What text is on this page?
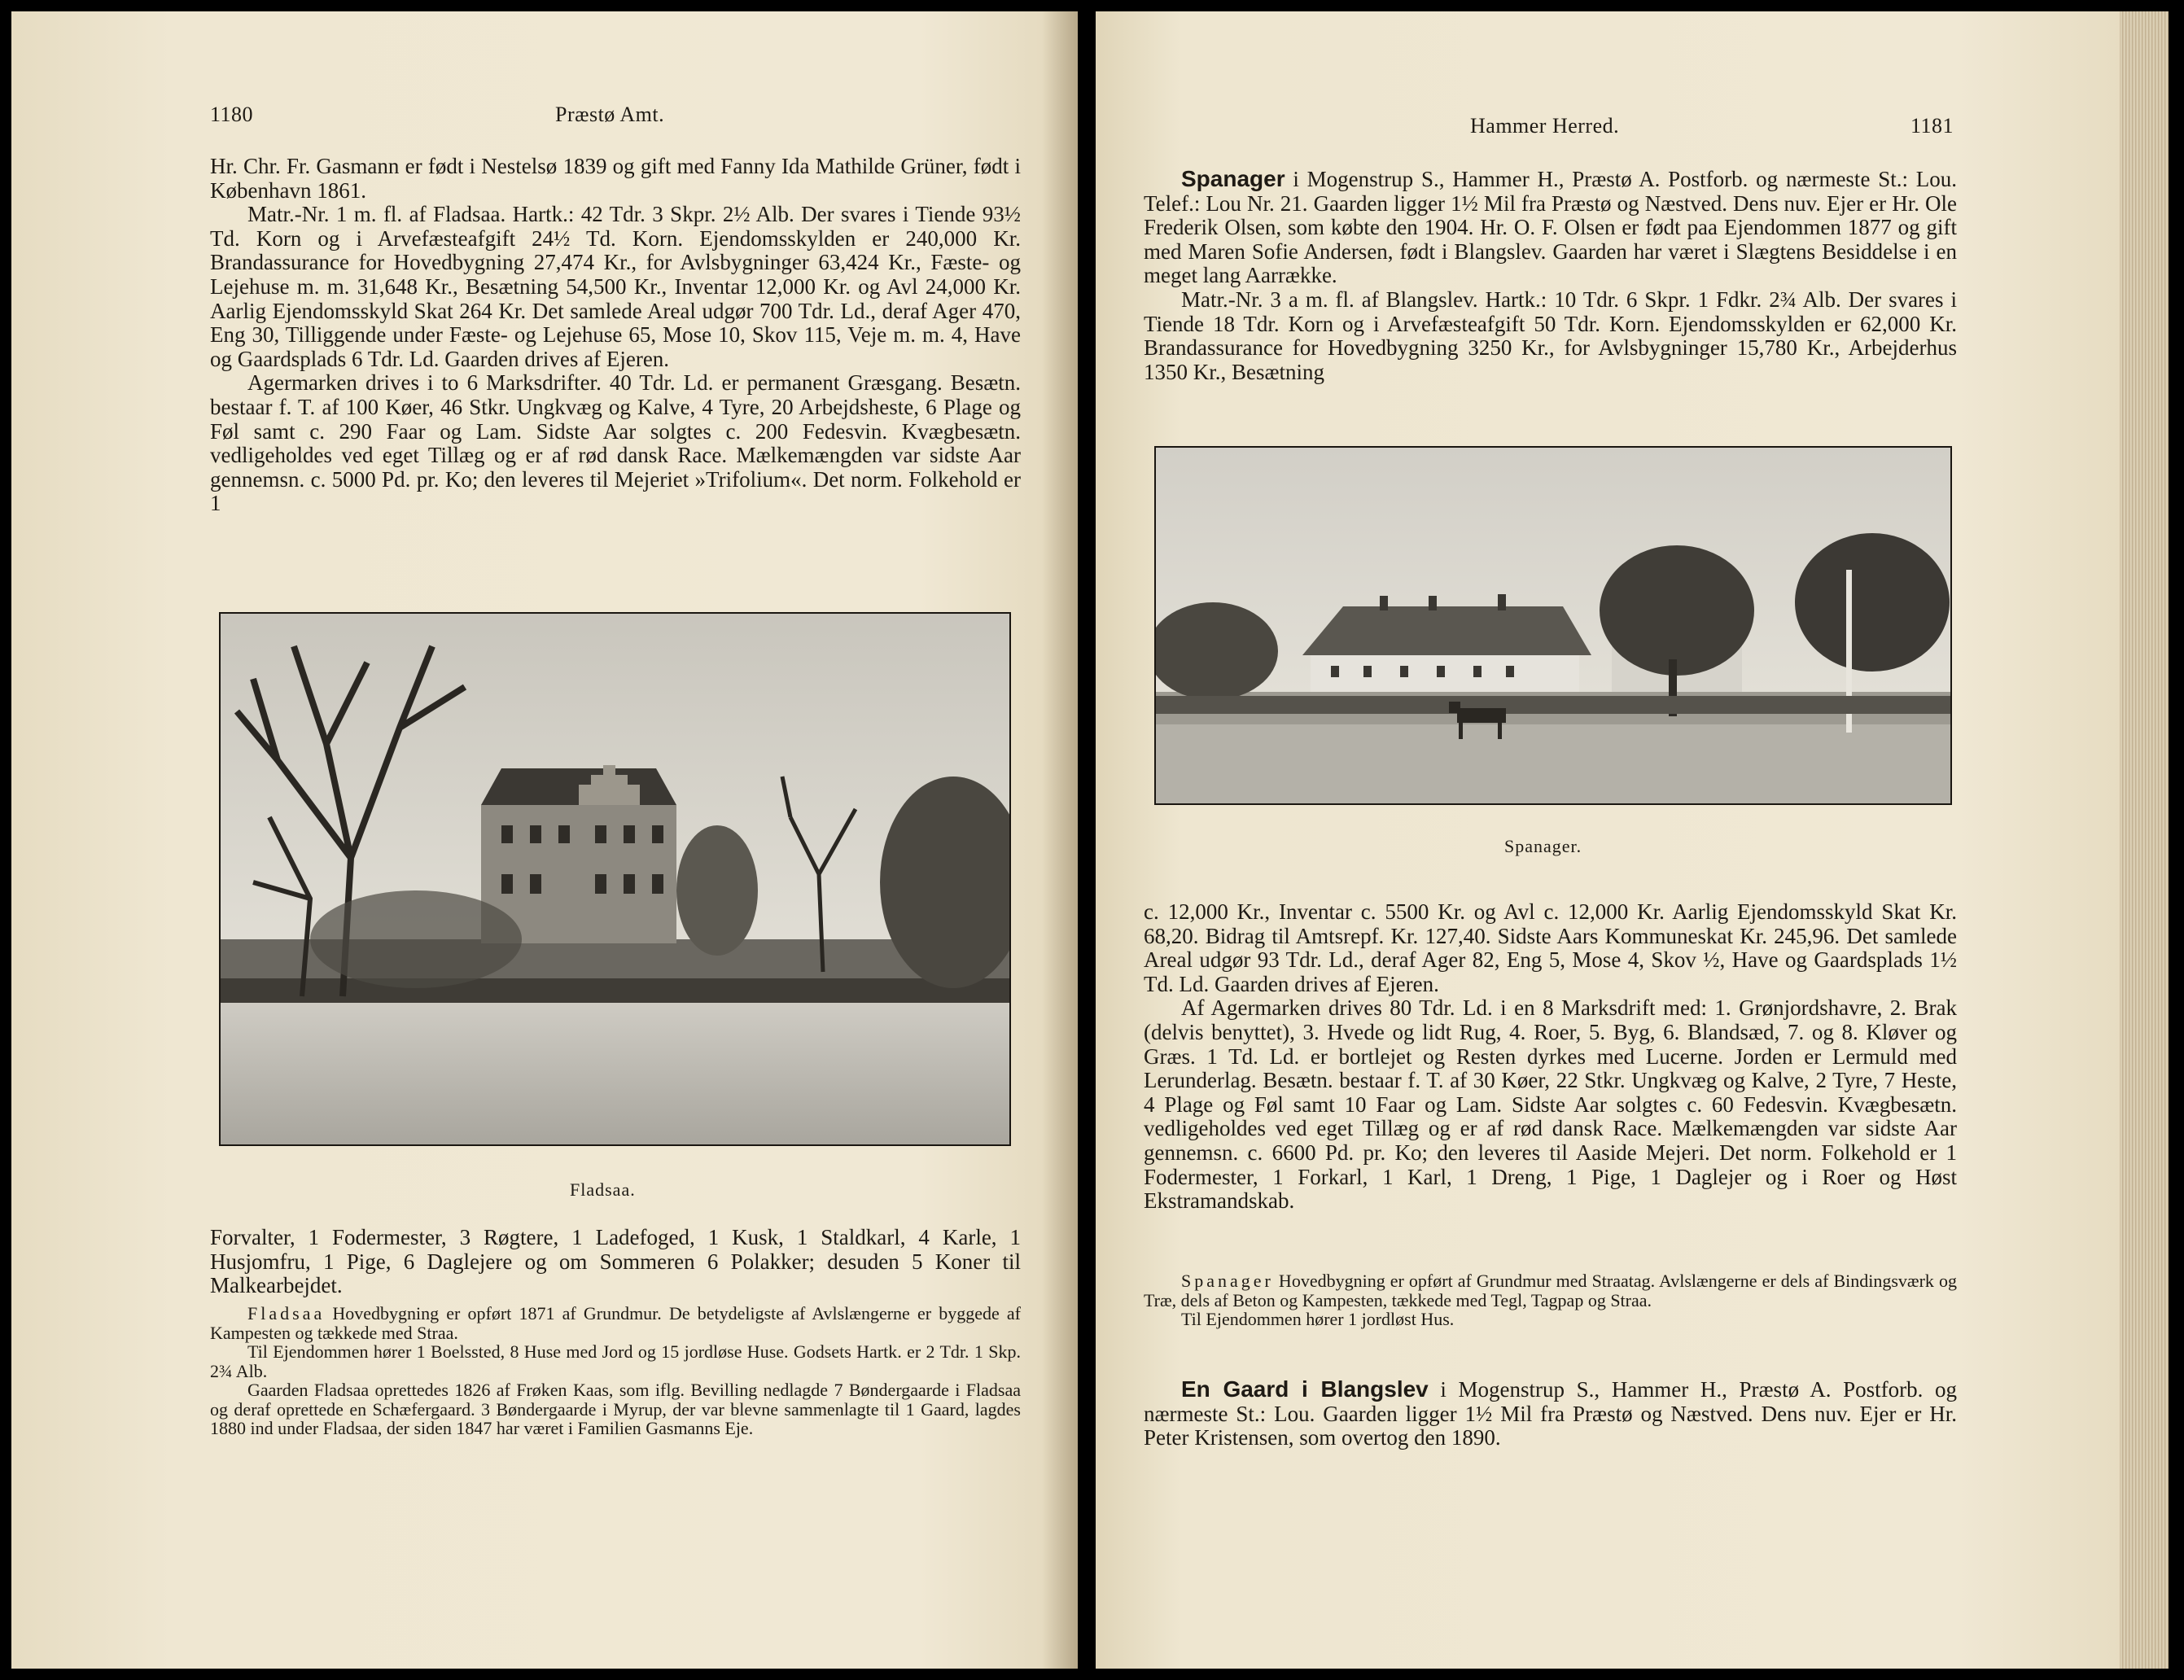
1180	Præstø Amt.

Hr. Chr. Fr. Gasmann er født i Nestelsø 1839 og gift med Fanny Ida Mathilde Grüner, født i København 1861.

Matr.-Nr. 1 m. fl. af Fladsaa. Hartk.: 42 Tdr. 3 Skpr. 2½ Alb. Der svares i Tiende 93½ Td. Korn og i Arvefæsteafgift 24½ Td. Korn. Ejendomsskylden er 240,000 Kr. Brandassurance for Hovedbygning 27,474 Kr., for Avlsbygninger 63,424 Kr., Fæste- og Lejehuse m. m. 31,648 Kr., Besætning 54,500 Kr., Inventar 12,000 Kr. og Avl 24,000 Kr. Aarlig Ejendomsskyld Skat 264 Kr. Det samlede Areal udgør 700 Tdr. Ld., deraf Ager 470, Eng 30, Tilliggende under Fæste- og Lejehuse 65, Mose 10, Skov 115, Veje m. m. 4, Have og Gaardsplads 6 Tdr. Ld. Gaarden drives af Ejeren.

Agermarken drives i to 6 Marksdrifter. 40 Tdr. Ld. er permanent Græsgang. Besætn. bestaar f. T. af 100 Køer, 46 Stkr. Ungkvæg og Kalve, 4 Tyre, 20 Arbejdsheste, 6 Plage og Føl samt c. 290 Faar og Lam. Sidste Aar solgtes c. 200 Fedesvin. Kvægbesætn. vedligeholdes ved eget Tillæg og er af rød dansk Race. Mælkemængden var sidste Aar gennemsn. c. 5000 Pd. pr. Ko; den leveres til Mejeriet »Trifolium«. Det norm. Folkehold er 1

Fladsaa.

Forvalter, 1 Fodermester, 3 Røgtere, 1 Ladefoged, 1 Kusk, 1 Staldkarl, 4 Karle, 1 Husjomfru, 1 Pige, 6 Daglejere og om Sommeren 6 Polakker; desuden 5 Koner til Malkearbejdet.

Fladsaa Hovedbygning er opført 1871 af Grundmur. De betydeligste af Avlslængerne er byggede af Kampesten og tækkede med Straa.

Til Ejendommen hører 1 Boelssted, 8 Huse med Jord og 15 jordløse Huse. Godsets Hartk. er 2 Tdr. 1 Skp. 2¾ Alb.

Gaarden Fladsaa oprettedes 1826 af Frøken Kaas, som iflg. Bevilling nedlagde 7 Bøndergaarde i Fladsaa og deraf oprettede en Schæfergaard. 3 Bøndergaarde i Myrup, der var blevne sammenlagte til 1 Gaard, lagdes 1880 ind under Fladsaa, der siden 1847 har været i Familien Gasmanns Eje.

Hammer Herred.	1181

Spanager i Mogenstrup S., Hammer H., Præstø A. Postforb. og nærmeste St.: Lou. Telef.: Lou Nr. 21. Gaarden ligger 1½ Mil fra Præstø og Næstved. Dens nuv. Ejer er Hr. Ole Frederik Olsen, som købte den 1904. Hr. O. F. Olsen er født paa Ejendommen 1877 og gift med Maren Sofie Andersen, født i Blangslev. Gaarden har været i Slægtens Besiddelse i en meget lang Aarrække.

Matr.-Nr. 3 a m. fl. af Blangslev. Hartk.: 10 Tdr. 6 Skpr. 1 Fdkr. 2¾ Alb. Der svares i Tiende 18 Tdr. Korn og i Arvefæsteafgift 50 Tdr. Korn. Ejendomsskylden er 62,000 Kr. Brandassurance for Hovedbygning 3250 Kr., for Avlsbygninger 15,780 Kr., Arbejderhus 1350 Kr., Besætning

Spanager.

c. 12,000 Kr., Inventar c. 5500 Kr. og Avl c. 12,000 Kr. Aarlig Ejendomsskyld Skat Kr. 68,20. Bidrag til Amtsrepf. Kr. 127,40. Sidste Aars Kommuneskat Kr. 245,96. Det samlede Areal udgør 93 Tdr. Ld., deraf Ager 82, Eng 5, Mose 4, Skov ½, Have og Gaardsplads 1½ Td. Ld. Gaarden drives af Ejeren.

Af Agermarken drives 80 Tdr. Ld. i en 8 Marksdrift med: 1. Grønjordshavre, 2. Brak (delvis benyttet), 3. Hvede og lidt Rug, 4. Roer, 5. Byg, 6. Blandsæd, 7. og 8. Kløver og Græs. 1 Td. Ld. er bortlejet og Resten dyrkes med Lucerne. Jorden er Lermuld med Lerunderlag. Besætn. bestaar f. T. af 30 Køer, 22 Stkr. Ungkvæg og Kalve, 2 Tyre, 7 Heste, 4 Plage og Føl samt 10 Faar og Lam. Sidste Aar solgtes c. 60 Fedesvin. Kvægbesætn. vedligeholdes ved eget Tillæg og er af rød dansk Race. Mælkemængden var sidste Aar gennemsn. c. 6600 Pd. pr. Ko; den leveres til Aaside Mejeri. Det norm. Folkehold er 1 Fodermester, 1 Forkarl, 1 Karl, 1 Dreng, 1 Pige, 1 Daglejer og i Roer og Høst Ekstramandskab.

Spanager Hovedbygning er opført af Grundmur med Straatag. Avlslængerne er dels af Bindingsværk og Træ, dels af Beton og Kampesten, tækkede med Tegl, Tagpap og Straa.

Til Ejendommen hører 1 jordløst Hus.

En Gaard i Blangslev i Mogenstrup S., Hammer H., Præstø A. Postforb. og nærmeste St.: Lou. Gaarden ligger 1½ Mil fra Præstø og Næstved. Dens nuv. Ejer er Hr. Peter Kristensen, som overtog den 1890.
